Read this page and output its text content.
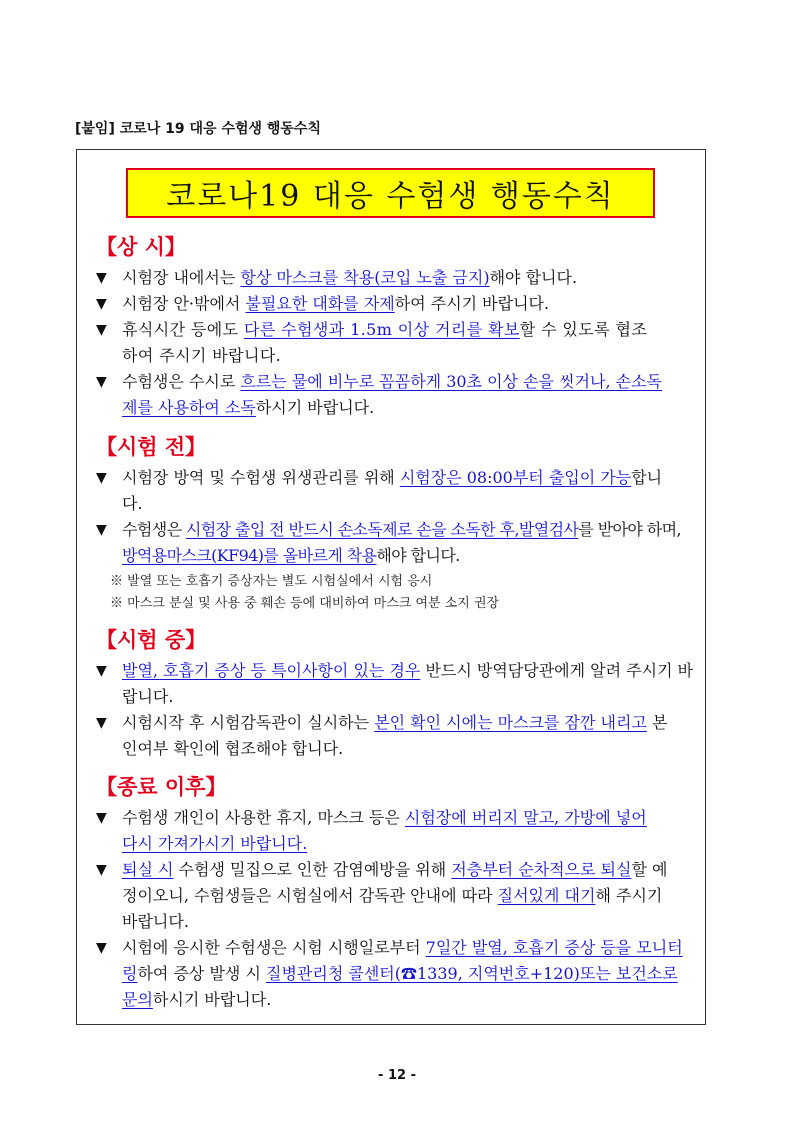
[붙임] 코로나 19 대응 수험생 행동수칙
코로나19 대응 수험생 행동수칙
【상 시】
▼ 시험장 내에서는 항상 마스크를 착용(코입 노출 금지)해야 합니다.
▼ 시험장 안·밖에서 불필요한 대화를 자제하여 주시기 바랍니다.
▼ 휴식시간 등에도 다른 수험생과 1.5m 이상 거리를 확보할 수 있도록 협조하여 주시기 바랍니다.
▼ 수험생은 수시로 흐르는 물에 비누로 꼼꼼하게 30초 이상 손을 씻거나, 손소독제를 사용하여 소독하시기 바랍니다.
【시험 전】
▼ 시험장 방역 및 수험생 위생관리를 위해 시험장은 08:00부터 출입이 가능합니다.
▼ 수험생은 시험장 출입 전 반드시 손소독제로 손을 소독한 후,발열검사를 받아야 하며, 방역용마스크(KF94)를 올바르게 착용해야 합니다.
※ 발열 또는 호흡기 증상자는 별도 시험실에서 시험 응시
※ 마스크 분실 및 사용 중 훼손 등에 대비하여 마스크 여분 소지 권장
【시험 중】
▼ 발열, 호흡기 증상 등 특이사항이 있는 경우 반드시 방역담당관에게 알려 주시기 바랍니다.
▼ 시험시작 후 시험감독관이 실시하는 본인 확인 시에는 마스크를 잠깐 내리고 본인여부 확인에 협조해야 합니다.
【종료 이후】
▼ 수험생 개인이 사용한 휴지, 마스크 등은 시험장에 버리지 말고, 가방에 넣어 다시 가져가시기 바랍니다.
▼ 퇴실 시 수험생 밀집으로 인한 감염예방을 위해 저층부터 순차적으로 퇴실할 예정이오니, 수험생들은 시험실에서 감독관 안내에 따라 질서있게 대기해 주시기 바랍니다.
▼ 시험에 응시한 수험생은 시험 시행일로부터 7일간 발열, 호흡기 증상 등을 모니터링하여 증상 발생 시 질병관리청 콜센터(☎1339, 지역번호+120)또는 보건소로 문의하시기 바랍니다.
- 12 -
